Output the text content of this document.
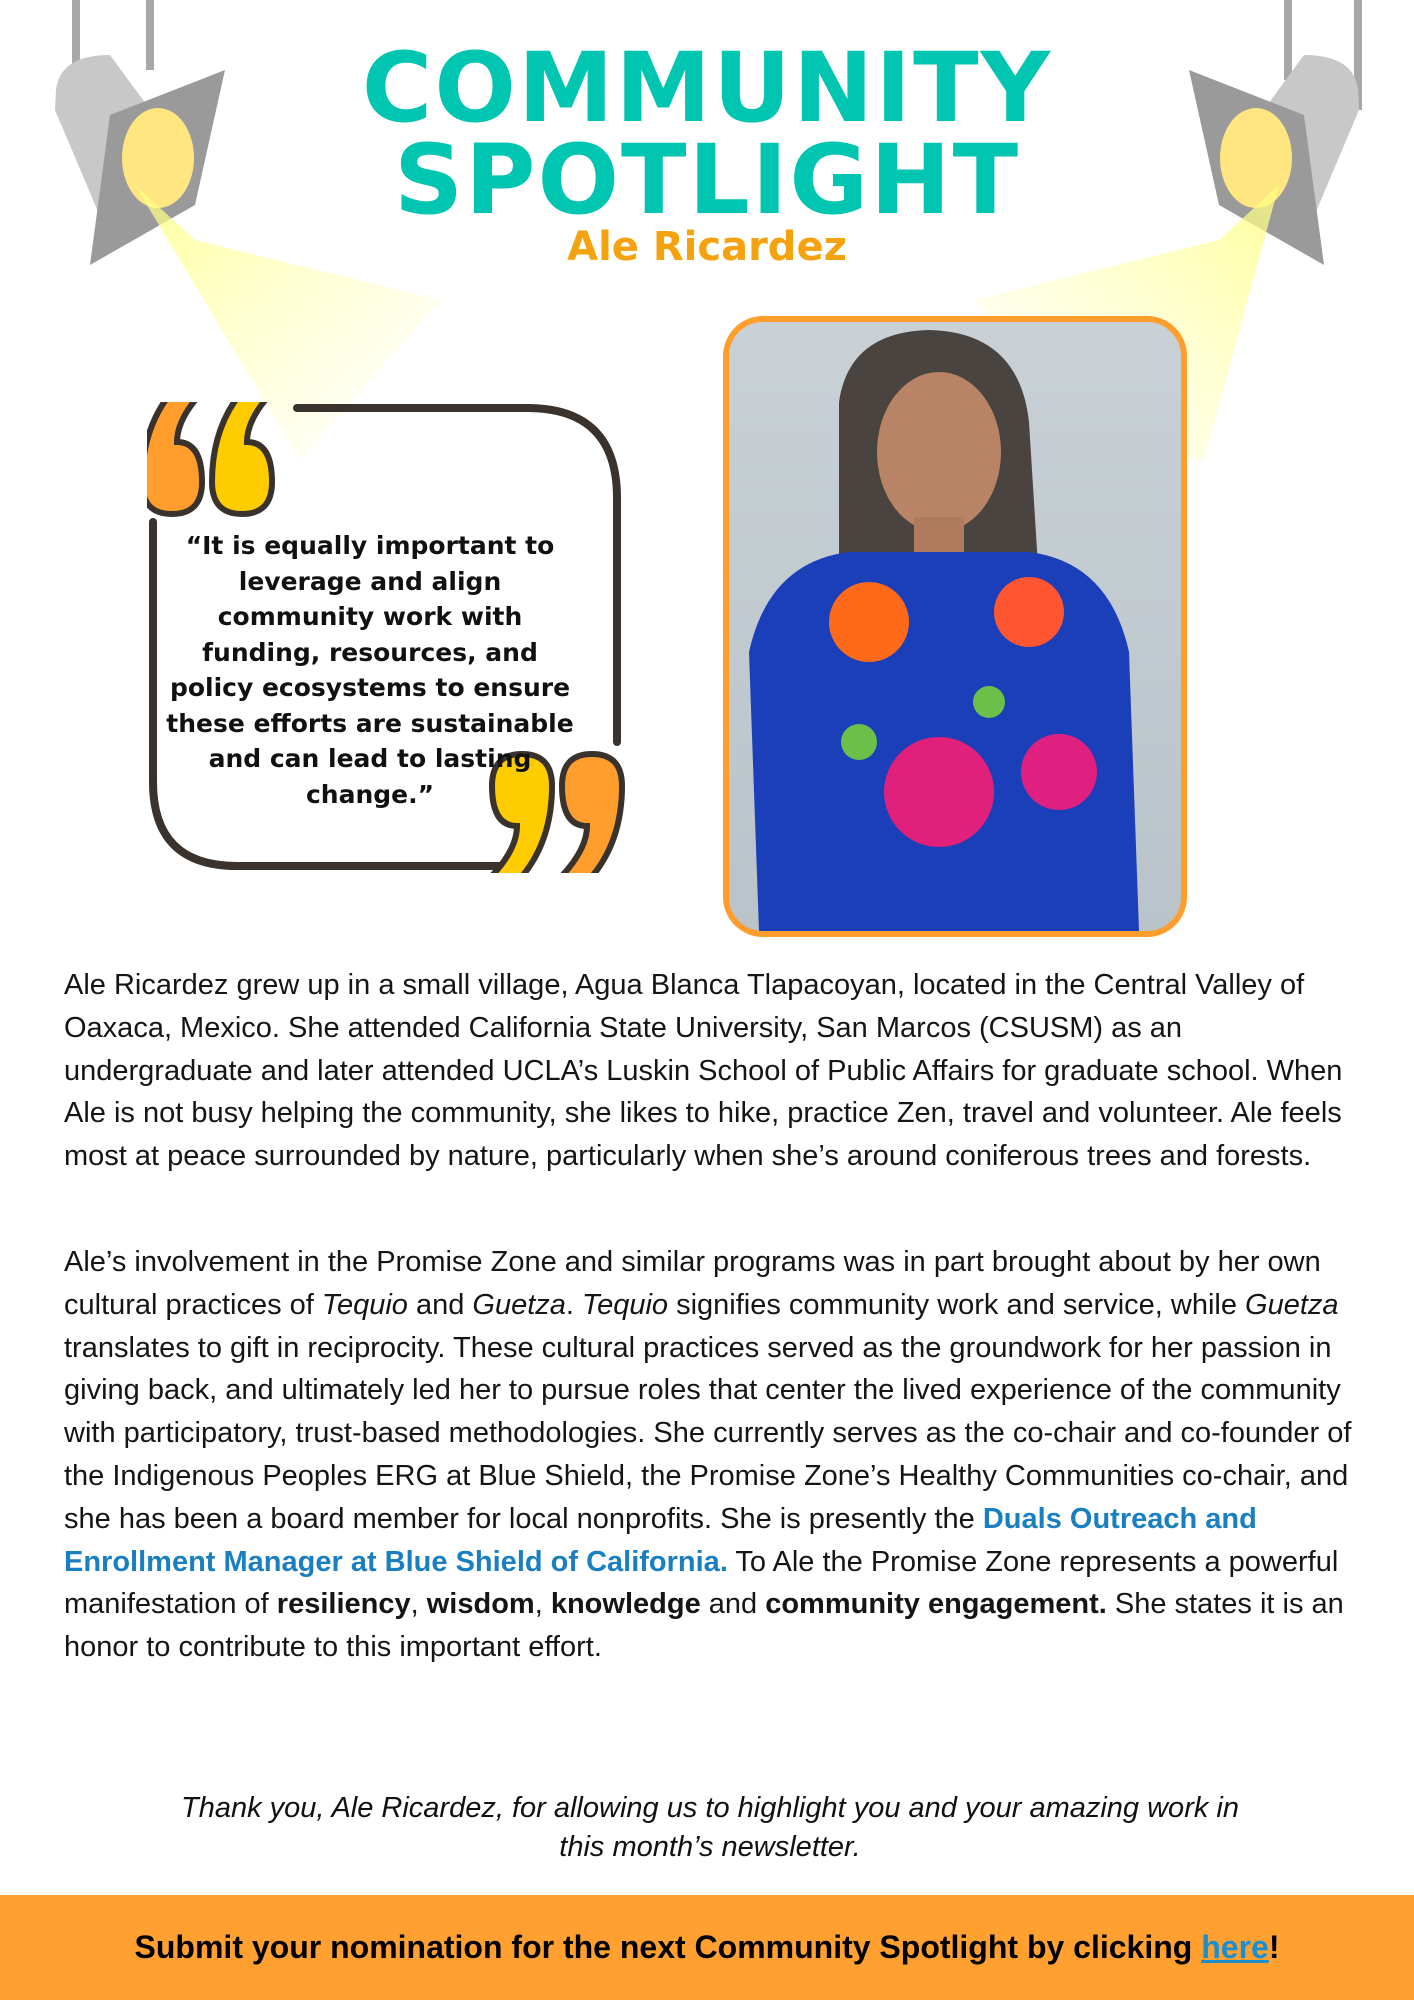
COMMUNITY
SPOTLIGHT
Ale Ricardez
“It is equally important to leverage and align community work with funding, resources, and policy ecosystems to ensure these efforts are sustainable and can lead to lasting change.”

Ale Ricardez grew up in a small village, Agua Blanca Tlapacoyan, located in the Central Valley of Oaxaca, Mexico. She attended California State University, San Marcos (CSUSM) as an undergraduate and later attended UCLA’s Luskin School of Public Affairs for graduate school. When Ale is not busy helping the community, she likes to hike, practice Zen, travel and volunteer. Ale feels most at peace surrounded by nature, particularly when she’s around coniferous trees and forests.

Ale’s involvement in the Promise Zone and similar programs was in part brought about by her own cultural practices of Tequio and Guetza. Tequio signifies community work and service, while Guetza translates to gift in reciprocity. These cultural practices served as the groundwork for her passion in giving back, and ultimately led her to pursue roles that center the lived experience of the community with participatory, trust-based methodologies. She currently serves as the co-chair and co-founder of the Indigenous Peoples ERG at Blue Shield, the Promise Zone’s Healthy Communities co-chair, and she has been a board member for local nonprofits. She is presently the Duals Outreach and Enrollment Manager at Blue Shield of California. To Ale the Promise Zone represents a powerful manifestation of resiliency, wisdom, knowledge and community engagement. She states it is an honor to contribute to this important effort.

Thank you, Ale Ricardez, for allowing us to highlight you and your amazing work in this month’s newsletter.
Submit your nomination for the next Community Spotlight by clicking here !
